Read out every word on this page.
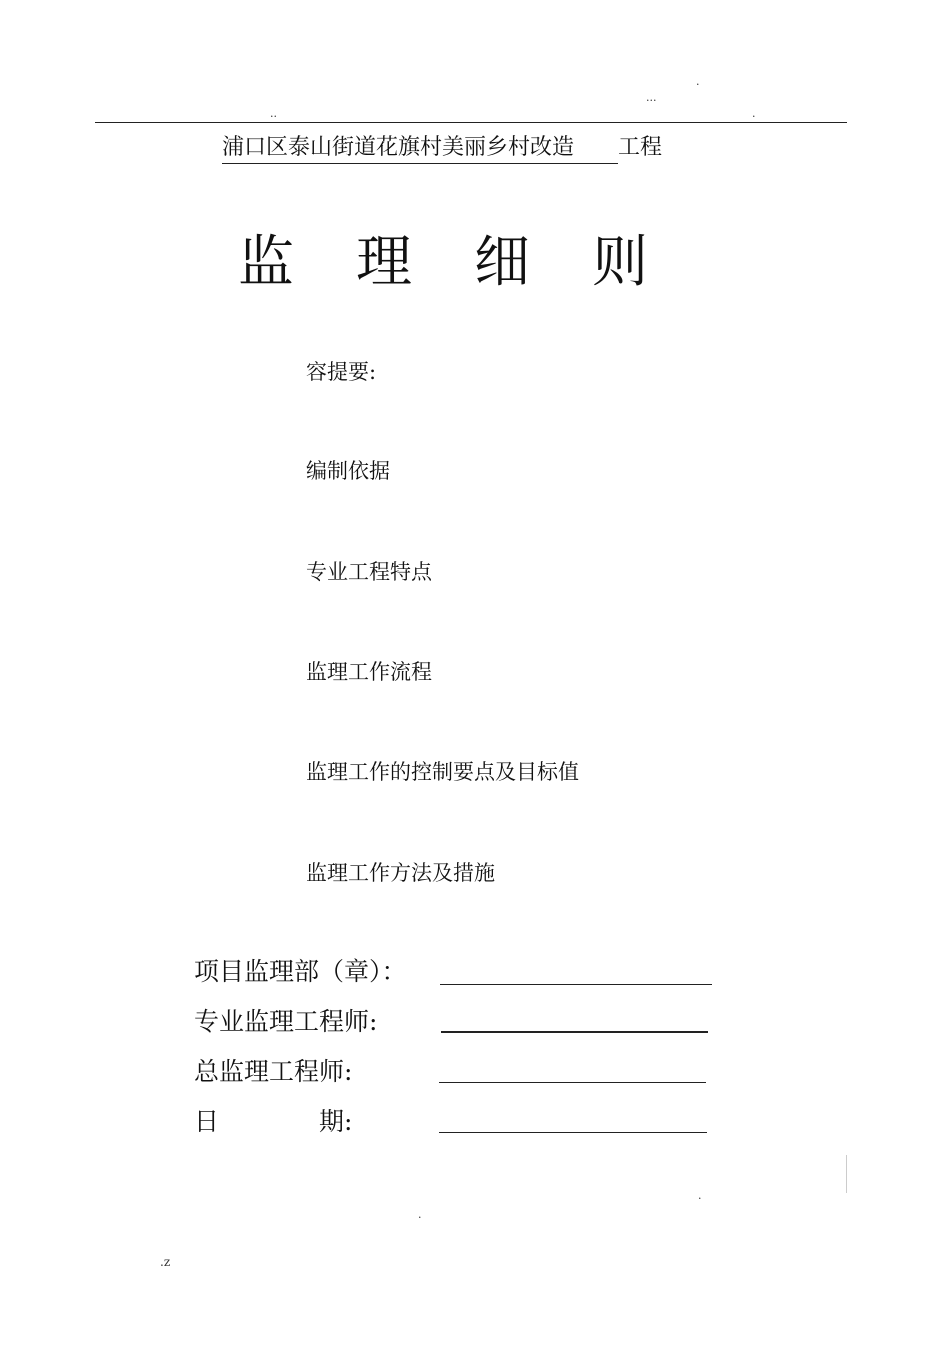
.
...
..	.
浦口区泰山街道花旗村美丽乡村改造 工程
监理细则
容提要:
编制依据
专业工程特点
监理工作流程
监理工作的控制要点及目标值
监理工作方法及措施
项目监理部（章）：
专业监理工程师:
总监理工程师:
日　　　　期:
.
.
.z
